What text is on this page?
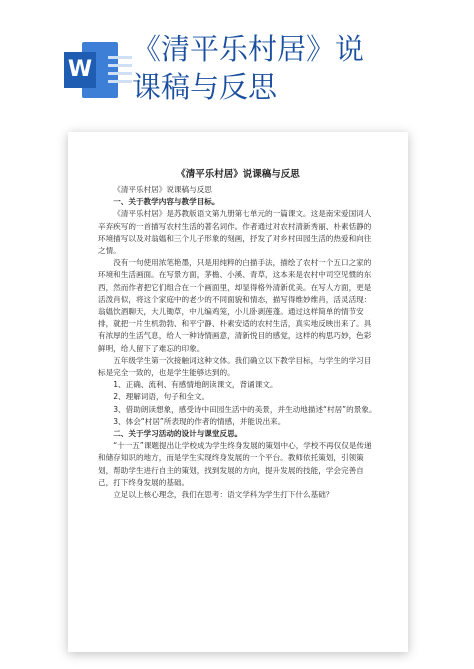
W
《清平乐村居》说
课稿与反思
《清平乐村居》说课稿与反思

《清平乐村居》说课稿与反思

一、关于教学内容与教学目标。

《清平乐村居》是苏教版语文第九册第七单元的一篇课文。这是南宋爱国词人辛弃疾写的一首描写农村生活的著名词作。作者通过对农村清新秀丽、朴素恬静的环境描写以及对翁媪和三个儿子形象的刻画，抒发了对乡村田园生活的热爱和向往之情。

没有一句使用浓笔艳墨，只是用纯粹的白描手法，描绘了农村一个五口之家的环境和生活画面。在写景方面，茅檐、小溪、青草，这本来是农村中司空见惯的东西，然而作者把它们组合在一个画面里，却显得格外清新优美。在写人方面，更是活泼肖似，将这个家庭中的老少的不同面貌和情态，描写得维妙维肖，活灵活现：翁媪饮酒聊天，大儿锄草，中儿编鸡笼，小儿卧剥莲蓬。通过这样简单的情节安排，就把一片生机勃勃、和平宁静、朴素安适的农村生活，真实地反映出来了。具有浓厚的生活气息，给人一种诗情画意，清新悦目的感觉，这样的构思巧妙，色彩鲜明，给人留下了难忘的印象。

五年级学生第一次接触词这种文体。我们确立以下教学目标，与学生的学习目标是完全一致的，也是学生能够达到的。

1、正确、流利、有感情地朗读课文，背诵课文。

2、理解词语，句子和全文。

3、借助朗读想象，感受诗中田园生活中的美景，并生动地描述“村居”的景象。

3、体会“村居”所表现的作者的情感，并能说出来。

二、关于学习活动的设计与课堂反思。

“十一五”课题提出让学校成为学生终身发展的策划中心，学校不再仅仅是传递和储存知识的地方，而是学生实现终身发展的一个平台。教师依托策划，引领策划，帮助学生进行自主的策划，找到发展的方向，提升发展的技能，学会完善自己，打下终身发展的基础。

立足以上核心理念，我们在思考：语文学科为学生打下什么基础？
